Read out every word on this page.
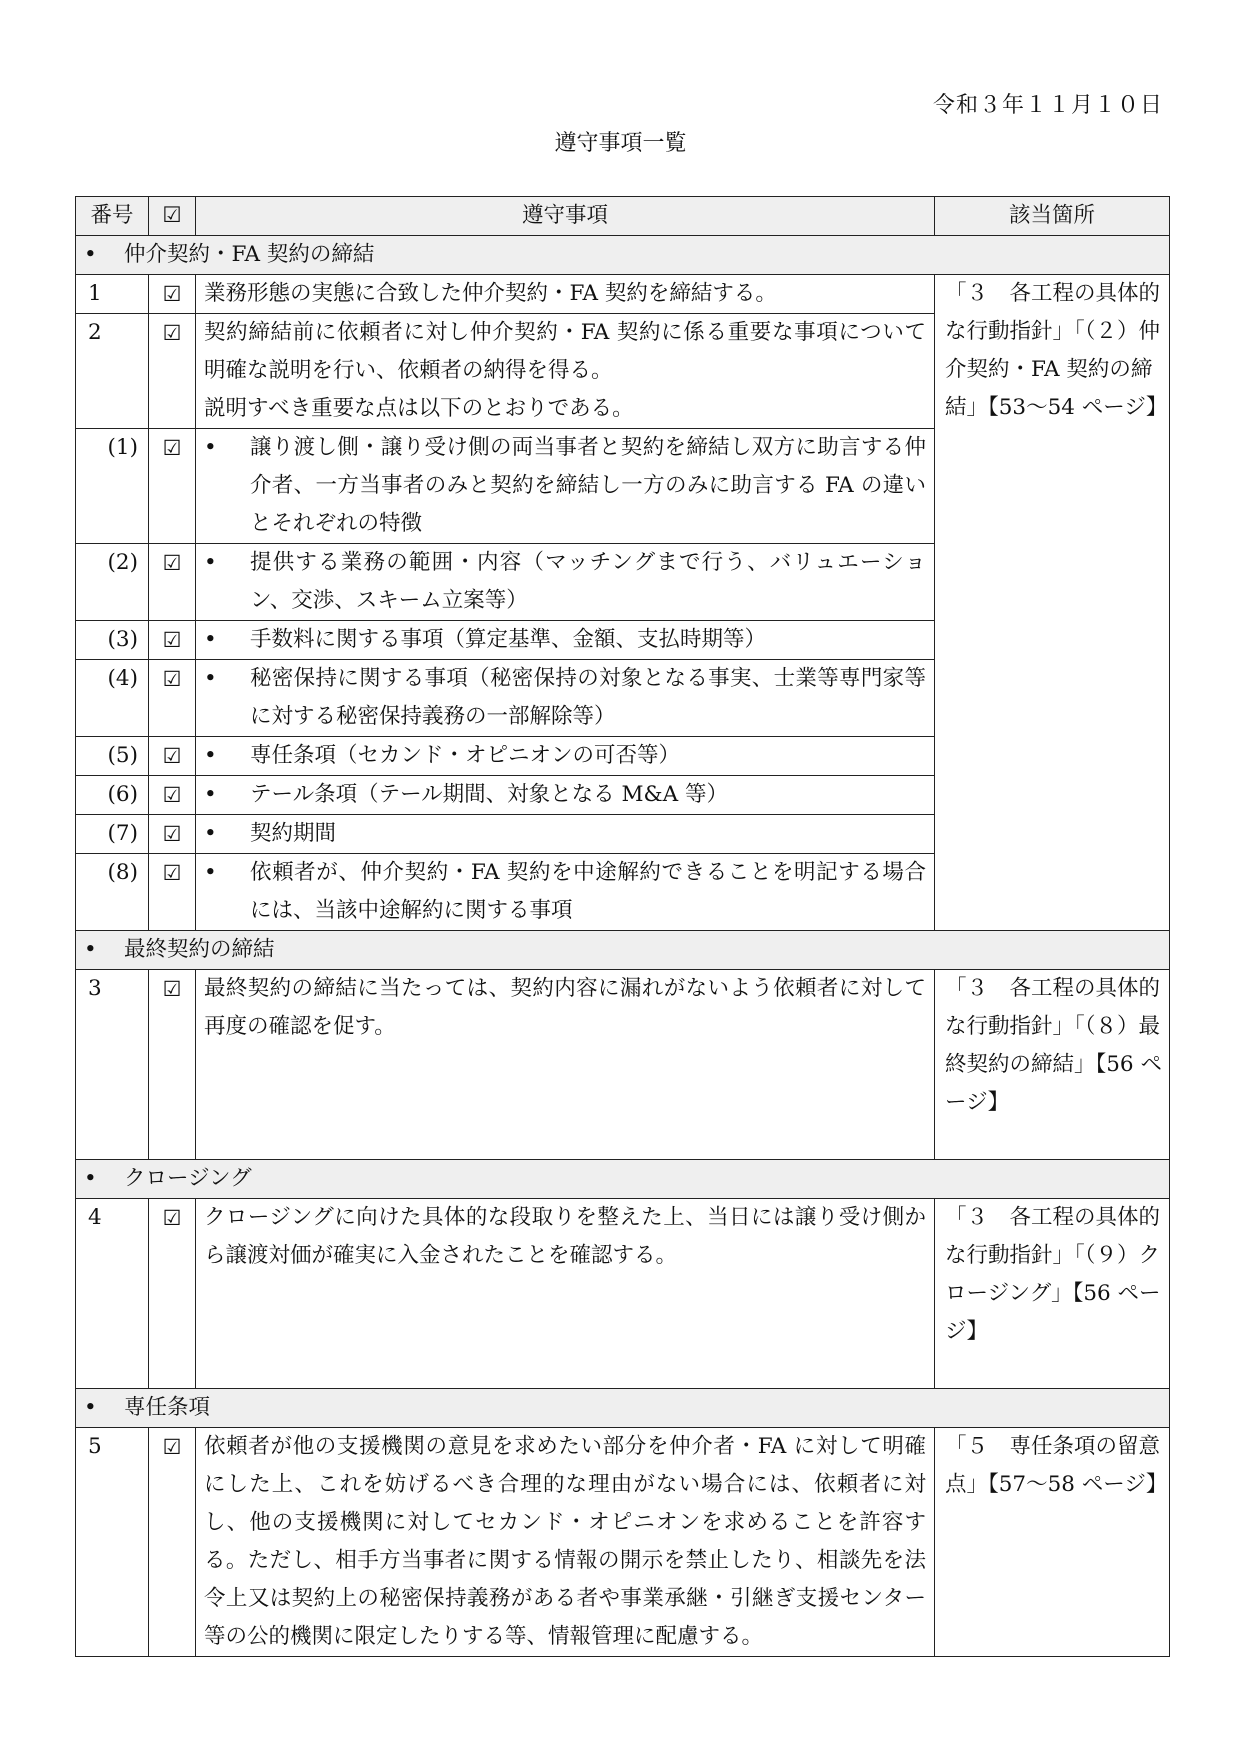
令和３年１１月１０日
遵守事項一覧
番号	☑	遵守事項	該当箇所
• 仲介契約・FA 契約の締結			
1	☑	業務形態の実態に合致した仲介契約・FA 契約を締結する。	「３　各工程の具体的な行動指針」「（２）仲介契約・FA 契約の締結」【53〜54 ページ】
2	☑	契約締結前に依頼者に対し仲介契約・FA 契約に係る重要な事項について明確な説明を行い、依頼者の納得を得る。
説明すべき重要な点は以下のとおりである。	

(1)	☑	• 譲り渡し側・譲り受け側の両当事者と契約を締結し双方に助言する仲介者、一方当事者のみと契約を締結し一方のみに助言する FA の違いとそれぞれの特徴	

(2)	☑	• 提供する業務の範囲・内容（マッチングまで行う、バリュエーション、交渉、スキーム立案等）	

(3)	☑	• 手数料に関する事項（算定基準、金額、支払時期等）	

(4)	☑	• 秘密保持に関する事項（秘密保持の対象となる事実、士業等専門家等に対する秘密保持義務の一部解除等）	

(5)	☑	• 専任条項（セカンド・オピニオンの可否等）	

(6)	☑	• テール条項（テール期間、対象となる M&A 等）	

(7)	☑	• 契約期間	

(8)	☑	• 依頼者が、仲介契約・FA 契約を中途解約できることを明記する場合には、当該中途解約に関する事項	

• 最終契約の締結			
3	☑	最終契約の締結に当たっては、契約内容に漏れがないよう依頼者に対して再度の確認を促す。	「３　各工程の具体的な行動指針」「（８）最終契約の締結」【56 ページ】
• クロージング			
4	☑	クロージングに向けた具体的な段取りを整えた上、当日には譲り受け側から譲渡対価が確実に入金されたことを確認する。	「３　各工程の具体的な行動指針」「（９）クロージング」【56 ページ】
• 専任条項			
5	☑	依頼者が他の支援機関の意見を求めたい部分を仲介者・FA に対して明確にした上、これを妨げるべき合理的な理由がない場合には、依頼者に対し、他の支援機関に対してセカンド・オピニオンを求めることを許容する。ただし、相手方当事者に関する情報の開示を禁止したり、相談先を法令上又は契約上の秘密保持義務がある者や事業承継・引継ぎ支援センター等の公的機関に限定したりする等、情報管理に配慮する。	「５　専任条項の留意点」【57〜58 ページ】
